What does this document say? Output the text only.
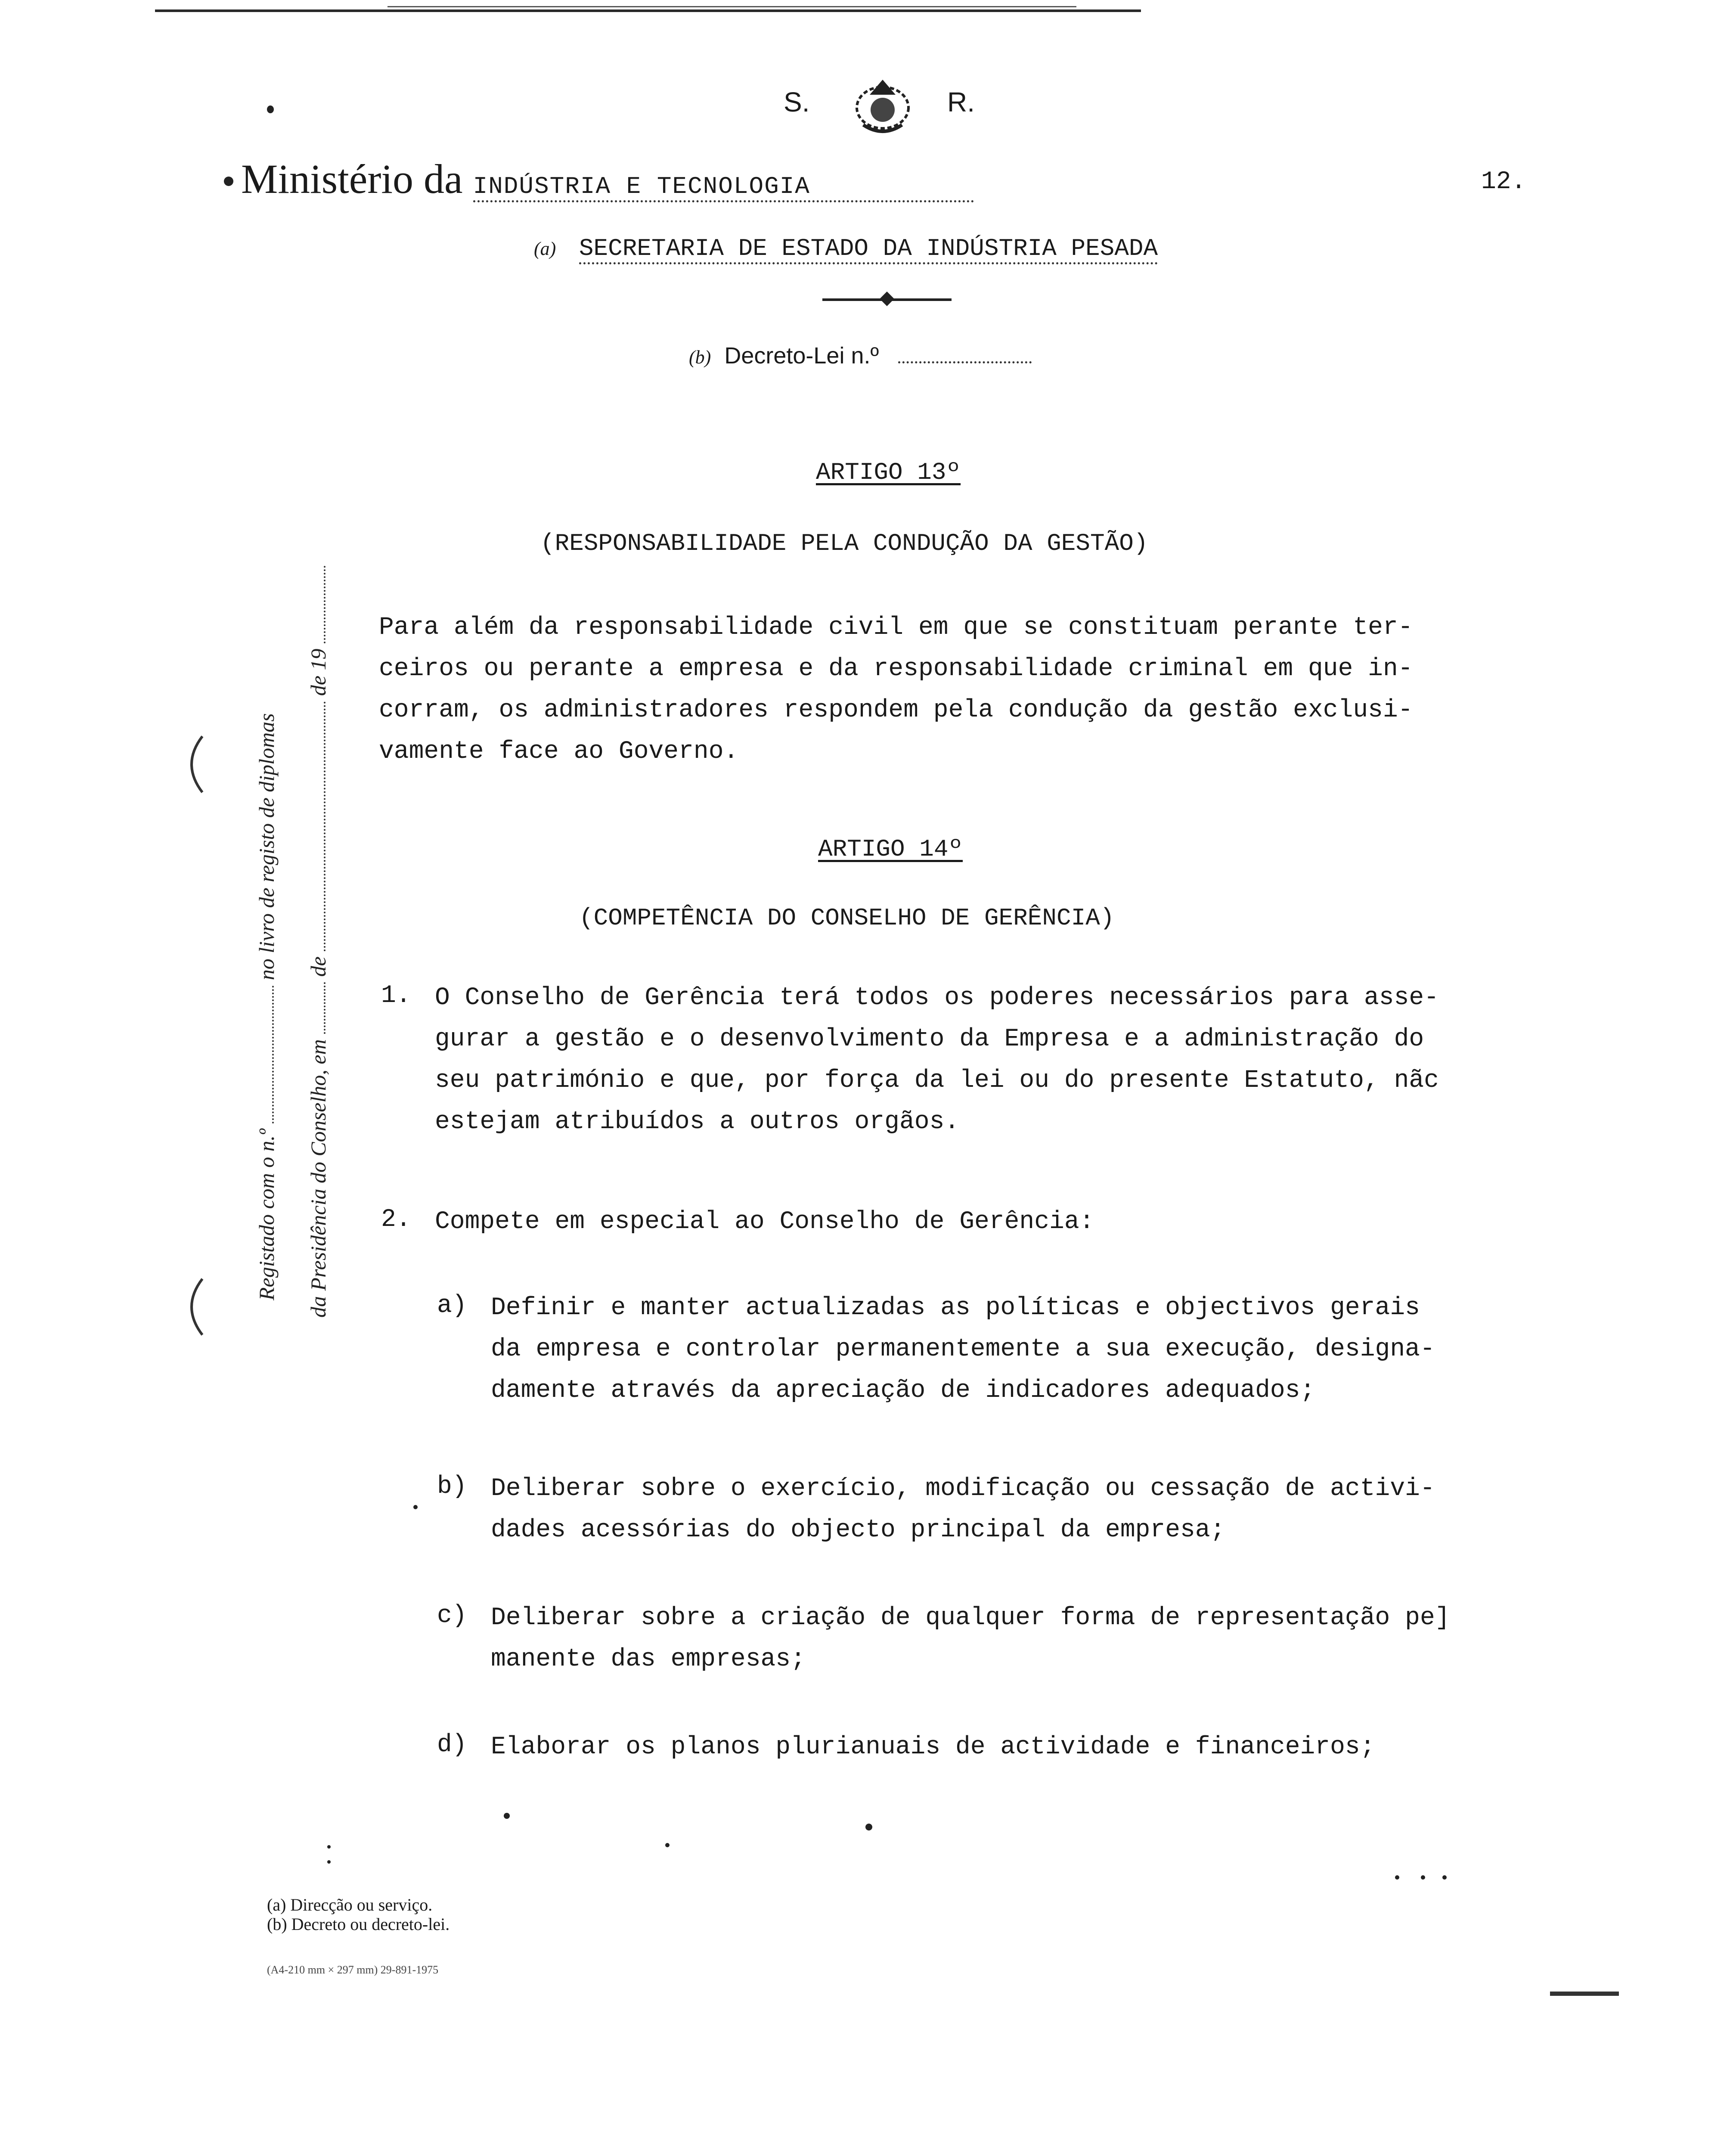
S.	R.
Ministério da INDÚSTRIA E TECNOLOGIA	12.
(a) SECRETARIA DE ESTADO DA INDÚSTRIA PESADA
(b) Decreto-Lei n.º
Registado com o n.º  no livro de registo de diplomas
da Presidência do Conselho, em  de  de 19
ARTIGO 13º
(RESPONSABILIDADE PELA CONDUÇÃO DA GESTÃO)
Para além da responsabilidade civil em que se constituam perante ter-
ceiros ou perante a empresa e da responsabilidade criminal em que in-
corram, os administradores respondem pela condução da gestão exclusi-
vamente face ao Governo.
ARTIGO 14º
(COMPETÊNCIA DO CONSELHO DE GERÊNCIA)
1. O Conselho de Gerência terá todos os poderes necessários para asse-
gurar a gestão e o desenvolvimento da Empresa e a administração do
seu património e que, por força da lei ou do presente Estatuto, nãc
estejam atribuídos a outros orgãos.
2. Compete em especial ao Conselho de Gerência:
a) Definir e manter actualizadas as políticas e objectivos gerais
da empresa e controlar permanentemente a sua execução, designa-
damente através da apreciação de indicadores adequados;
b) Deliberar sobre o exercício, modificação ou cessação de activi-
dades acessórias do objecto principal da empresa;
c) Deliberar sobre a criação de qualquer forma de representação pe]
manente das empresas;
d) Elaborar os planos plurianuais de actividade e financeiros;
(a) Direcção ou serviço.
(b) Decreto ou decreto-lei.
(A4-210 mm × 297 mm) 29-891-1975
